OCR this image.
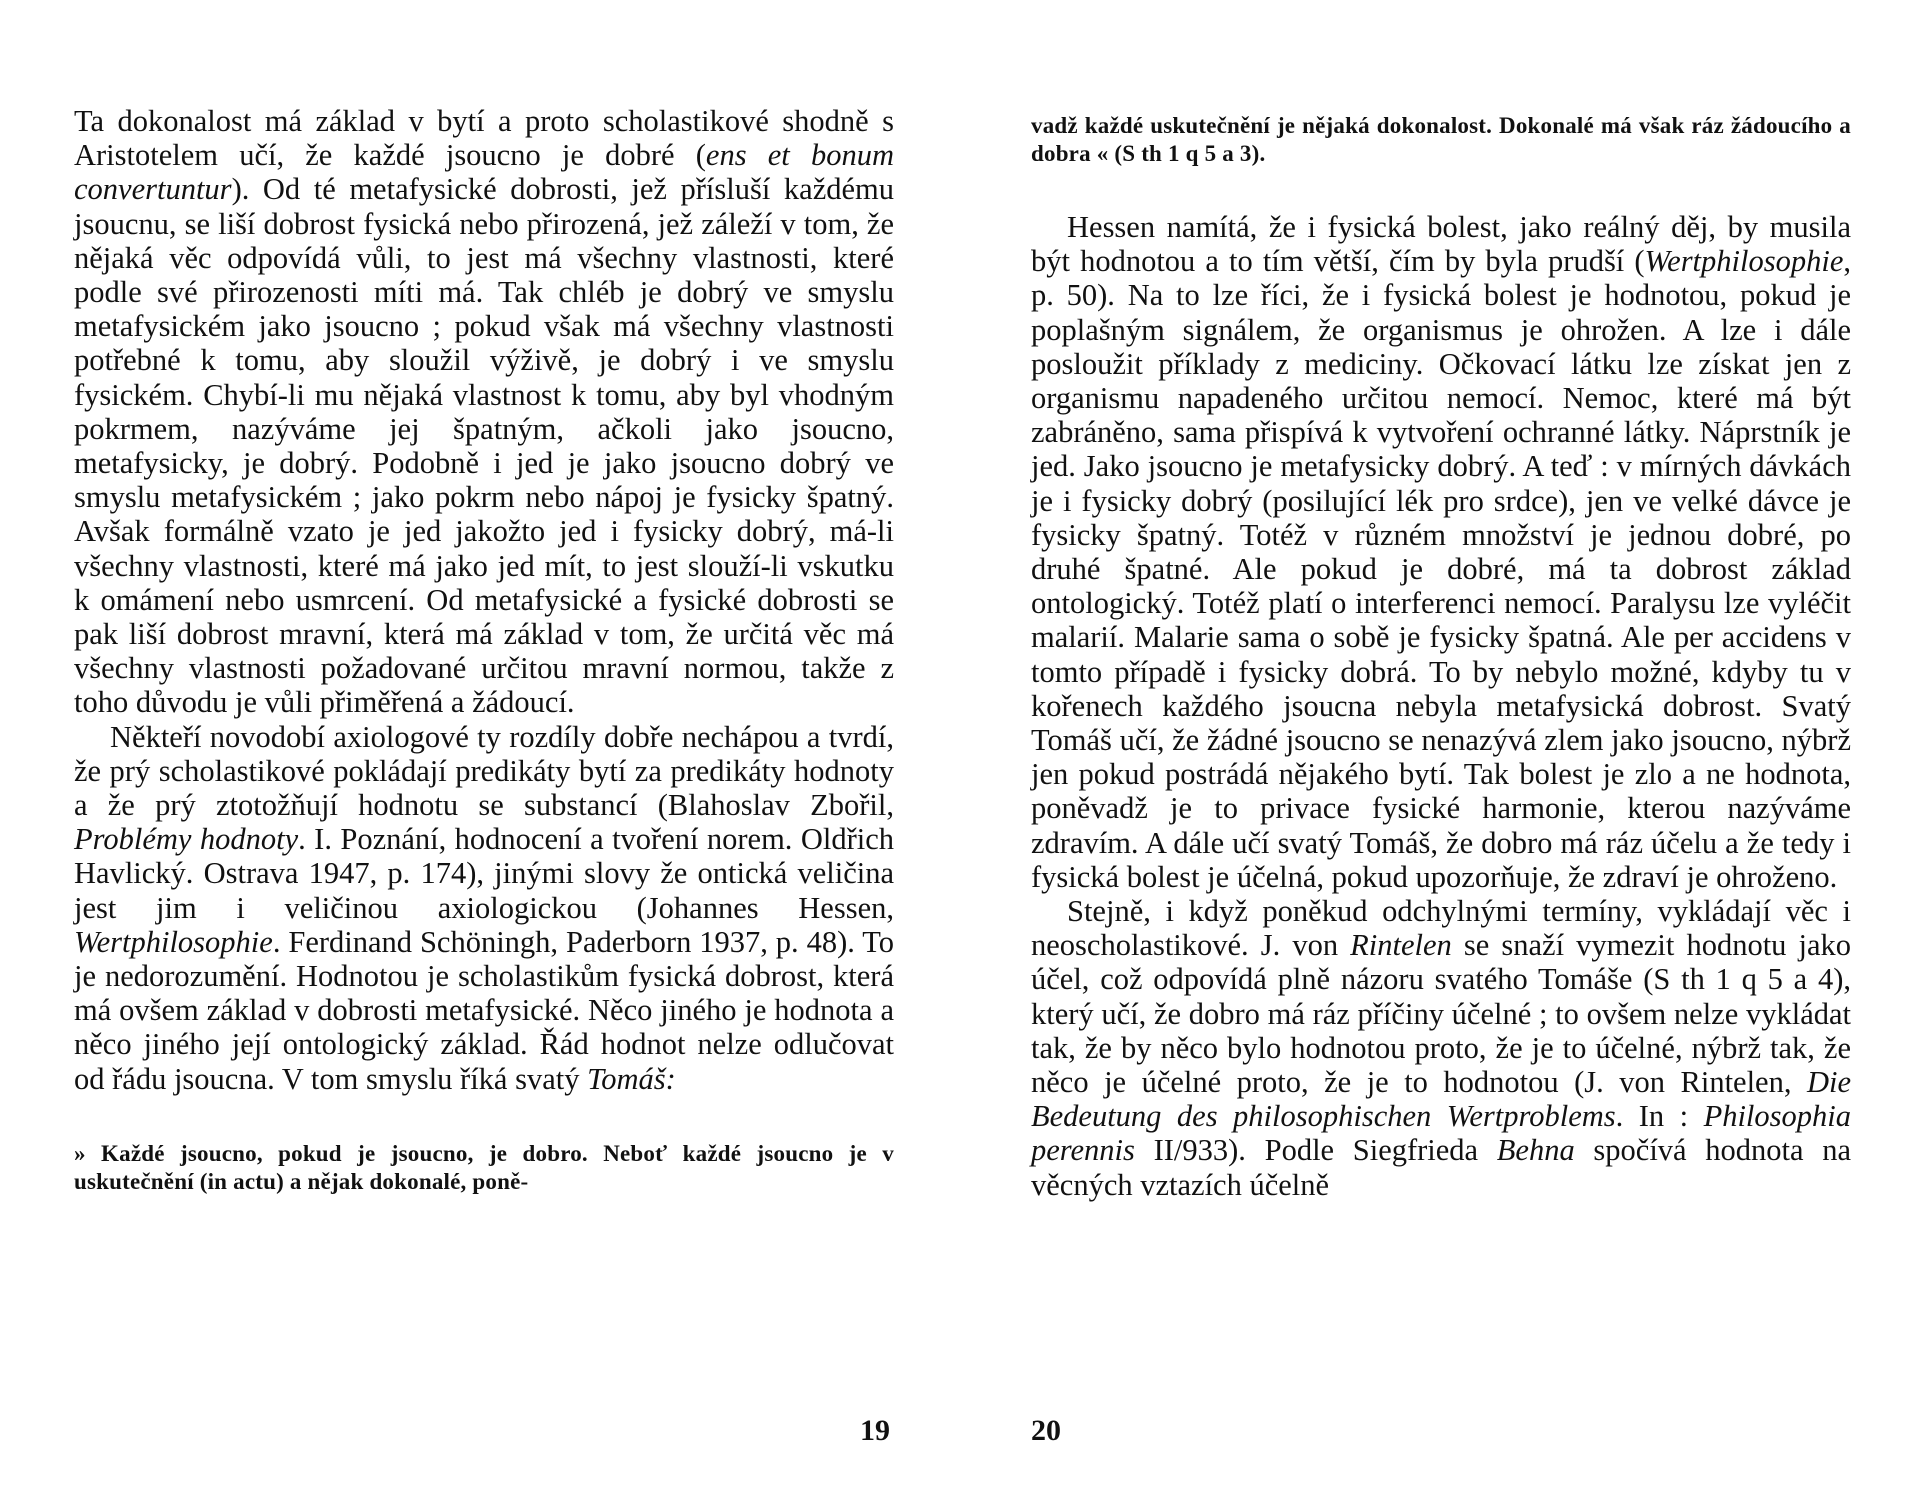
Ta dokonalost má základ v bytí a proto scholastikové shodně s Aristotelem učí, že každé jsoucno je dobré (ens et bonum convertuntur). Od té metafysické dobrosti, jež přísluší každému jsoucnu, se liší dobrost fysická nebo přirozená, jež záleží v tom, že nějaká věc odpovídá vůli, to jest má všechny vlastnosti, které podle své přirozenosti míti má. Tak chléb je dobrý ve smyslu metafysickém jako jsoucno ; pokud však má všechny vlastnosti potřebné k tomu, aby sloužil výživě, je dobrý i ve smyslu fysickém. Chybí-li mu nějaká vlastnost k tomu, aby byl vhodným pokrmem, nazýváme jej špatným, ačkoli jako jsoucno, metafysicky, je dobrý. Podobně i jed je jako jsoucno dobrý ve smyslu metafysickém ; jako pokrm nebo nápoj je fysicky špatný. Avšak formálně vzato je jed jakožto jed i fysicky dobrý, má-li všechny vlastnosti, které má jako jed mít, to jest slouží-li vskutku k omámení nebo usmrcení. Od metafysické a fysické dobrosti se pak liší dobrost mravní, která má základ v tom, že určitá věc má všechny vlastnosti požadované určitou mravní normou, takže z toho důvodu je vůli přiměřená a žádoucí.

Někteří novodobí axiologové ty rozdíly dobře nechápou a tvrdí, že prý scholastikové pokládají predikáty bytí za predikáty hodnoty a že prý ztotožňují hodnotu se substancí (Blahoslav Zbořil, Problémy hodnoty. I. Poznání, hodnocení a tvoření norem. Oldřich Havlický. Ostrava 1947, p. 174), jinými slovy že ontická veličina jest jim i veličinou axiologickou (Johannes Hessen, Wertphilosophie. Ferdinand Schöningh, Paderborn 1937, p. 48). To je nedorozumění. Hodnotou je scholastikům fysická dobrost, která má ovšem základ v dobrosti metafysické. Něco jiného je hodnota a něco jiného její ontologický základ. Řád hodnot nelze odlučovat od řádu jsoucna. V tom smyslu říká svatý Tomáš:

» Každé jsoucno, pokud je jsoucno, je dobro. Neboť každé jsoucno je v uskutečnění (in actu) a nějak dokonalé, poně-

19

vadž každé uskutečnění je nějaká dokonalost. Dokonalé má však ráz žádoucího a dobra « (S th 1 q 5 a 3).

Hessen namítá, že i fysická bolest, jako reálný děj, by musila být hodnotou a to tím větší, čím by byla prudší (Wertphilosophie, p. 50). Na to lze říci, že i fysická bolest je hodnotou, pokud je poplašným signálem, že organismus je ohrožen. A lze i dále posloužit příklady z mediciny. Očkovací látku lze získat jen z organismu napadeného určitou nemocí. Nemoc, které má být zabráněno, sama přispívá k vytvoření ochranné látky. Náprstník je jed. Jako jsoucno je metafysicky dobrý. A teď : v mírných dávkách je i fysicky dobrý (posilující lék pro srdce), jen ve velké dávce je fysicky špatný. Totéž v různém množství je jednou dobré, po druhé špatné. Ale pokud je dobré, má ta dobrost základ ontologický. Totéž platí o interferenci nemocí. Paralysu lze vyléčit malarií. Malarie sama o sobě je fysicky špatná. Ale per accidens v tomto případě i fysicky dobrá. To by nebylo možné, kdyby tu v kořenech každého jsoucna nebyla metafysická dobrost. Svatý Tomáš učí, že žádné jsoucno se nenazývá zlem jako jsoucno, nýbrž jen pokud postrádá nějakého bytí. Tak bolest je zlo a ne hodnota, poněvadž je to privace fysické harmonie, kterou nazýváme zdravím. A dále učí svatý Tomáš, že dobro má ráz účelu a že tedy i fysická bolest je účelná, pokud upozorňuje, že zdraví je ohroženo.

Stejně, i když poněkud odchylnými termíny, vykládají věc i neoscholastikové. J. von Rintelen se snaží vymezit hodnotu jako účel, což odpovídá plně názoru svatého Tomáše (S th 1 q 5 a 4), který učí, že dobro má ráz příčiny účelné ; to ovšem nelze vykládat tak, že by něco bylo hodnotou proto, že je to účelné, nýbrž tak, že něco je účelné proto, že je to hodnotou (J. von Rintelen, Die Bedeutung des philosophischen Wertproblems. In : Philosophia perennis II/933). Podle Siegfrieda Behna spočívá hodnota na věcných vztazích účelně

20
